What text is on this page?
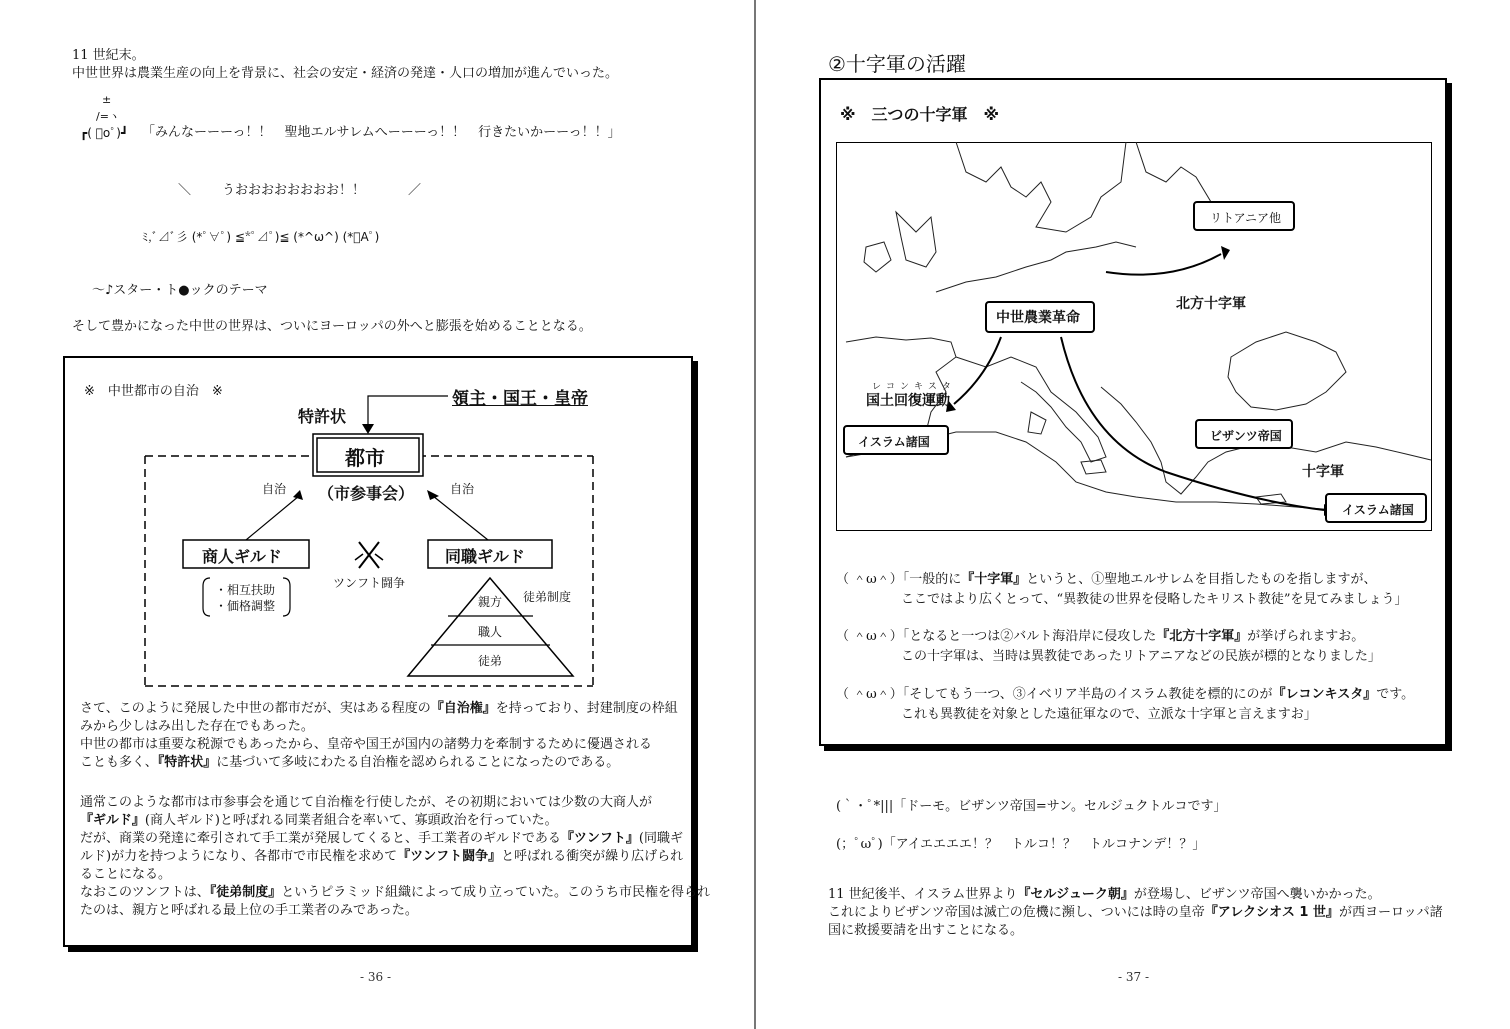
11 世紀末。
中世世界は農業生産の向上を背景に、社会の安定・経済の発達・人口の増加が進んでいった。
±
/=ヽ
┏( ﾟoﾟ)┛ 「みんなーーーっ！！　聖地エルサレムへーーーっ！！　行きたいかーーっ！！」
＼ うおおおおおおおお！！	／
ﾐ,ﾞ⊿ﾞ彡 (*ﾟ∀ﾟ) ≦*ﾟ⊿ﾟ)≦ (*^ω^) (*ﾟAﾟ)
～♪スター・ト●ックのテーマ
そして豊かになった中世の世界は、ついにヨーロッパの外へと膨張を始めることとなる。
※　中世都市の自治　※	領主・国王・皇帝
特許状
都市
（市参事会）
自治	自治
商人ギルド	同職ギルド
・相互扶助
・価格調整
ツンフト闘争
徒弟制度
親方
職人
徒弟
さて、このように発展した中世の都市だが、実はある程度の『自治権』を持っており、封建制度の枠組
みから少しはみ出した存在でもあった。
中世の都市は重要な税源でもあったから、皇帝や国王が国内の諸勢力を牽制するために優遇される
ことも多く、『特許状』に基づいて多岐にわたる自治権を認められることになったのである。
通常このような都市は市参事会を通じて自治権を行使したが、その初期においては少数の大商人が
『ギルド』(商人ギルド)と呼ばれる同業者組合を率いて、寡頭政治を行っていた。
だが、商業の発達に牽引されて手工業が発展してくると、手工業者のギルドである『ツンフト』(同職ギ
ルド)が力を持つようになり、各都市で市民権を求めて『ツンフト闘争』と呼ばれる衝突が繰り広げられ
ることになる。
なおこのツンフトは、『徒弟制度』というピラミッド組織によって成り立っていた。このうち市民権を得られ
たのは、親方と呼ばれる最上位の手工業者のみであった。
- 36 -
②十字軍の活躍
※　三つの十字軍　※
リトアニア他
中世農業革命
北方十字軍
レコンキスタ
国土回復運動
イスラム諸国	ビザンツ帝国
十字軍
イスラム諸国
（ ＾ω＾）「一般的に『十字軍』というと、①聖地エルサレムを目指したものを指しますが、
　　　　　ここではより広くとって、“異教徒の世界を侵略したキリスト教徒”を見てみましょう」
（ ＾ω＾）「となると一つは②バルト海沿岸に侵攻した『北方十字軍』が挙げられますお。
　　　　　この十字軍は、当時は異教徒であったリトアニアなどの民族が標的となりました」
（ ＾ω＾）「そしてもう一つ、③イベリア半島のイスラム教徒を標的にのが『レコンキスタ』です。
　　　　　これも異教徒を対象とした遠征軍なので、立派な十字軍と言えますお」
(｀・ﾟ*|||「ドーモ。ビザンツ帝国=サン。セルジュクトルコです」
(；ﾟωﾟ)「アイエエエエ！？　トルコ！？　トルコナンデ！？」
11 世紀後半、イスラム世界より『セルジューク朝』が登場し、ビザンツ帝国へ襲いかかった。
これによりビザンツ帝国は滅亡の危機に瀕し、ついには時の皇帝『アレクシオス 1 世』が西ヨーロッパ諸
国に救援要請を出すことになる。
- 37 -
